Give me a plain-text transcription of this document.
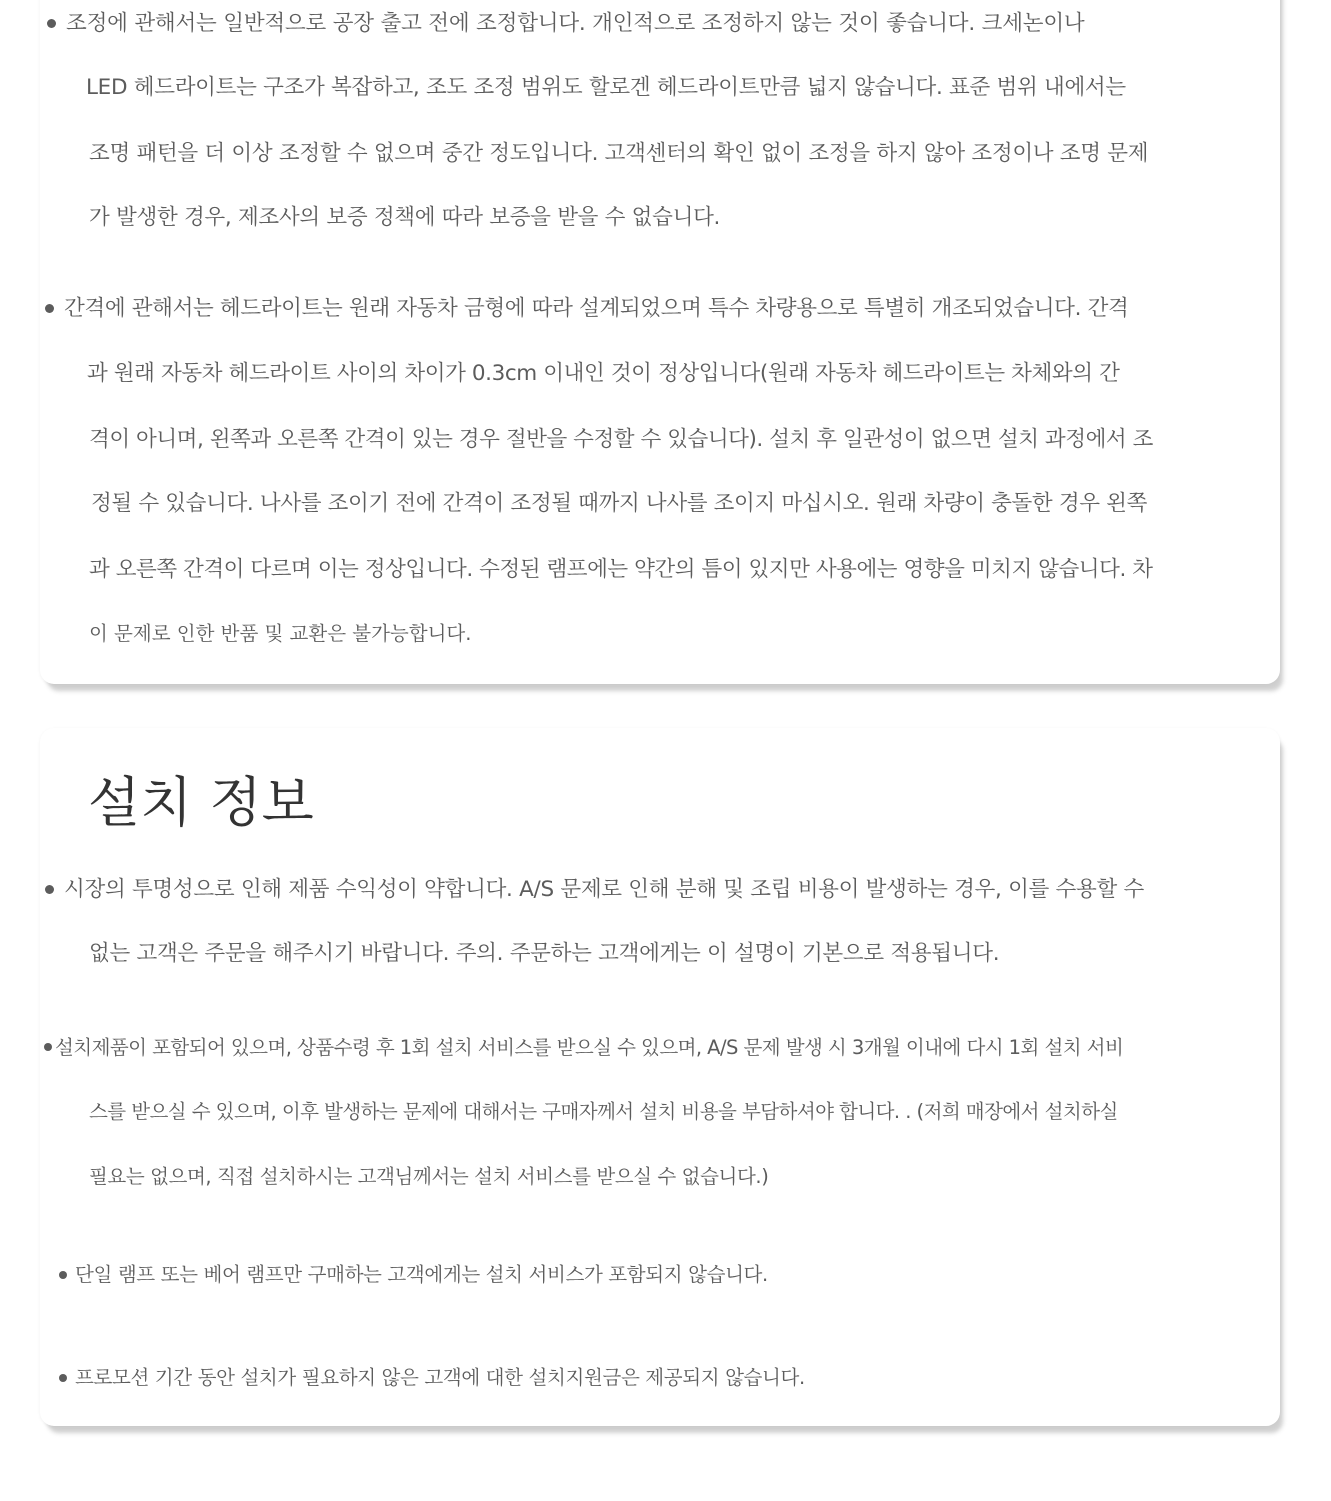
조정에 관해서는 일반적으로 공장 출고 전에 조정합니다. 개인적으로 조정하지 않는 것이 좋습니다. 크세논이나
LED 헤드라이트는 구조가 복잡하고, 조도 조정 범위도 할로겐 헤드라이트만큼 넓지 않습니다. 표준 범위 내에서는
조명 패턴을 더 이상 조정할 수 없으며 중간 정도입니다. 고객센터의 확인 없이 조정을 하지 않아 조정이나 조명 문제
가 발생한 경우, 제조사의 보증 정책에 따라 보증을 받을 수 없습니다.
간격에 관해서는 헤드라이트는 원래 자동차 금형에 따라 설계되었으며 특수 차량용으로 특별히 개조되었습니다. 간격
과 원래 자동차 헤드라이트 사이의 차이가 0.3cm 이내인 것이 정상입니다(원래 자동차 헤드라이트는 차체와의 간
격이 아니며, 왼쪽과 오른쪽 간격이 있는 경우 절반을 수정할 수 있습니다). 설치 후 일관성이 없으면 설치 과정에서 조
정될 수 있습니다. 나사를 조이기 전에 간격이 조정될 때까지 나사를 조이지 마십시오. 원래 차량이 충돌한 경우 왼쪽
과 오른쪽 간격이 다르며 이는 정상입니다. 수정된 램프에는 약간의 틈이 있지만 사용에는 영향을 미치지 않습니다. 차
이 문제로 인한 반품 및 교환은 불가능합니다.
설치 정보
시장의 투명성으로 인해 제품 수익성이 약합니다. A/S 문제로 인해 분해 및 조립 비용이 발생하는 경우, 이를 수용할 수
없는 고객은 주문을 해주시기 바랍니다. 주의. 주문하는 고객에게는 이 설명이 기본으로 적용됩니다.
설치제품이 포함되어 있으며, 상품수령 후 1회 설치 서비스를 받으실 수 있으며, A/S 문제 발생 시 3개월 이내에 다시 1회 설치 서비
스를 받으실 수 있으며, 이후 발생하는 문제에 대해서는 구매자께서 설치 비용을 부담하셔야 합니다. . (저희 매장에서 설치하실
필요는 없으며, 직접 설치하시는 고객님께서는 설치 서비스를 받으실 수 없습니다.)
단일 램프 또는 베어 램프만 구매하는 고객에게는 설치 서비스가 포함되지 않습니다.
프로모션 기간 동안 설치가 필요하지 않은 고객에 대한 설치지원금은 제공되지 않습니다.
